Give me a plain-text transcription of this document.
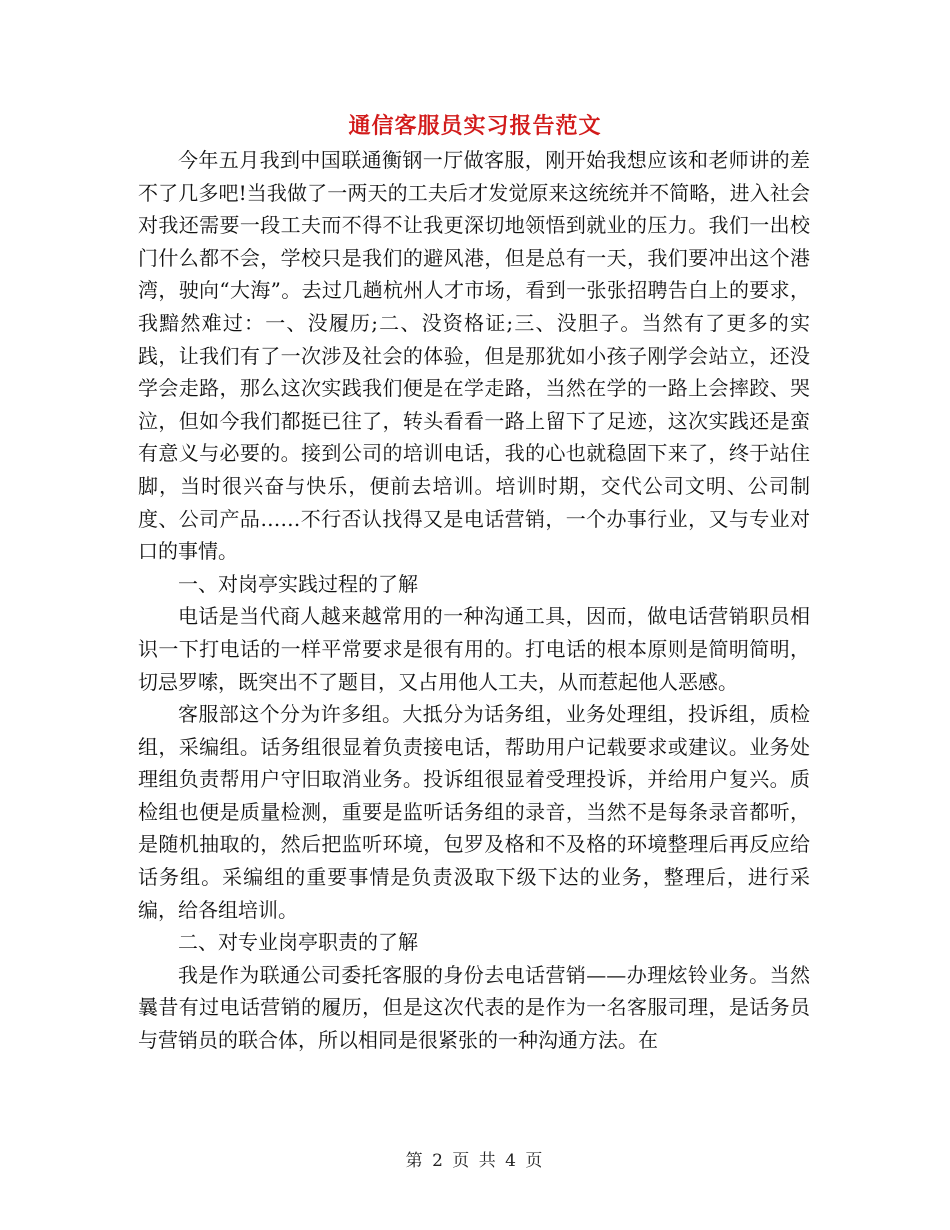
通信客服员实习报告范文

今年五月我到中国联通衡钢一厅做客服，刚开始我想应该和老师讲的差不了几多吧!当我做了一两天的工夫后才发觉原来这统统并不简略，进入社会对我还需要一段工夫而不得不让我更深切地领悟到就业的压力。我们一出校门什么都不会，学校只是我们的避风港，但是总有一天，我们要冲出这个港湾，驶向“大海”。去过几趟杭州人才市场，看到一张张招聘告白上的要求，我黯然难过：一、没履历;二、没资格证;三、没胆子。当然有了更多的实践，让我们有了一次涉及社会的体验，但是那犹如小孩子刚学会站立，还没学会走路，那么这次实践我们便是在学走路，当然在学的一路上会摔跤、哭泣，但如今我们都挺已往了，转头看看一路上留下了足迹，这次实践还是蛮有意义与必要的。接到公司的培训电话，我的心也就稳固下来了，终于站住脚，当时很兴奋与快乐，便前去培训。培训时期，交代公司文明、公司制度、公司产品……不行否认找得又是电话营销，一个办事行业，又与专业对口的事情。

一、对岗亭实践过程的了解

电话是当代商人越来越常用的一种沟通工具，因而，做电话营销职员相识一下打电话的一样平常要求是很有用的。打电话的根本原则是简明简明，切忌罗嗦，既突出不了题目，又占用他人工夫，从而惹起他人恶感。

客服部这个分为许多组。大抵分为话务组，业务处理组，投诉组，质检组，采编组。话务组很显着负责接电话，帮助用户记载要求或建议。业务处理组负责帮用户守旧取消业务。投诉组很显着受理投诉，并给用户复兴。质检组也便是质量检测，重要是监听话务组的录音，当然不是每条录音都听，是随机抽取的，然后把监听环境，包罗及格和不及格的环境整理后再反应给话务组。采编组的重要事情是负责汲取下级下达的业务，整理后，进行采编，给各组培训。

二、对专业岗亭职责的了解

我是作为联通公司委托客服的身份去电话营销——办理炫铃业务。当然曩昔有过电话营销的履历，但是这次代表的是作为一名客服司理，是话务员与营销员的联合体，所以相同是很紧张的一种沟通方法。在

第 2 页 共 4 页
